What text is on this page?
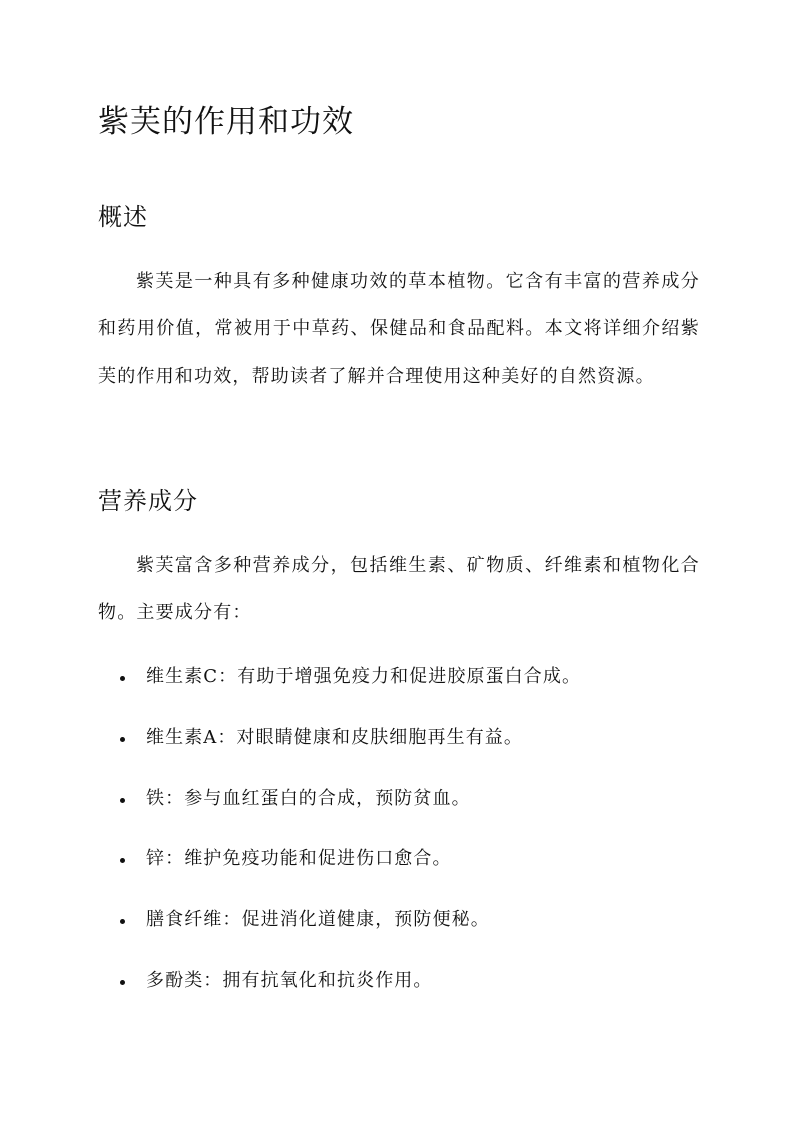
紫芙的作用和功效
概述

紫芙是一种具有多种健康功效的草本植物。它含有丰富的营养成分和药用价值，常被用于中草药、保健品和食品配料。本文将详细介绍紫芙的作用和功效，帮助读者了解并合理使用这种美好的自然资源。

营养成分

紫芙富含多种营养成分，包括维生素、矿物质、纤维素和植物化合物。主要成分有：

维生素C：有助于增强免疫力和促进胶原蛋白合成。
维生素A：对眼睛健康和皮肤细胞再生有益。
铁：参与血红蛋白的合成，预防贫血。
锌：维护免疫功能和促进伤口愈合。
膳食纤维：促进消化道健康，预防便秘。
多酚类：拥有抗氧化和抗炎作用。
